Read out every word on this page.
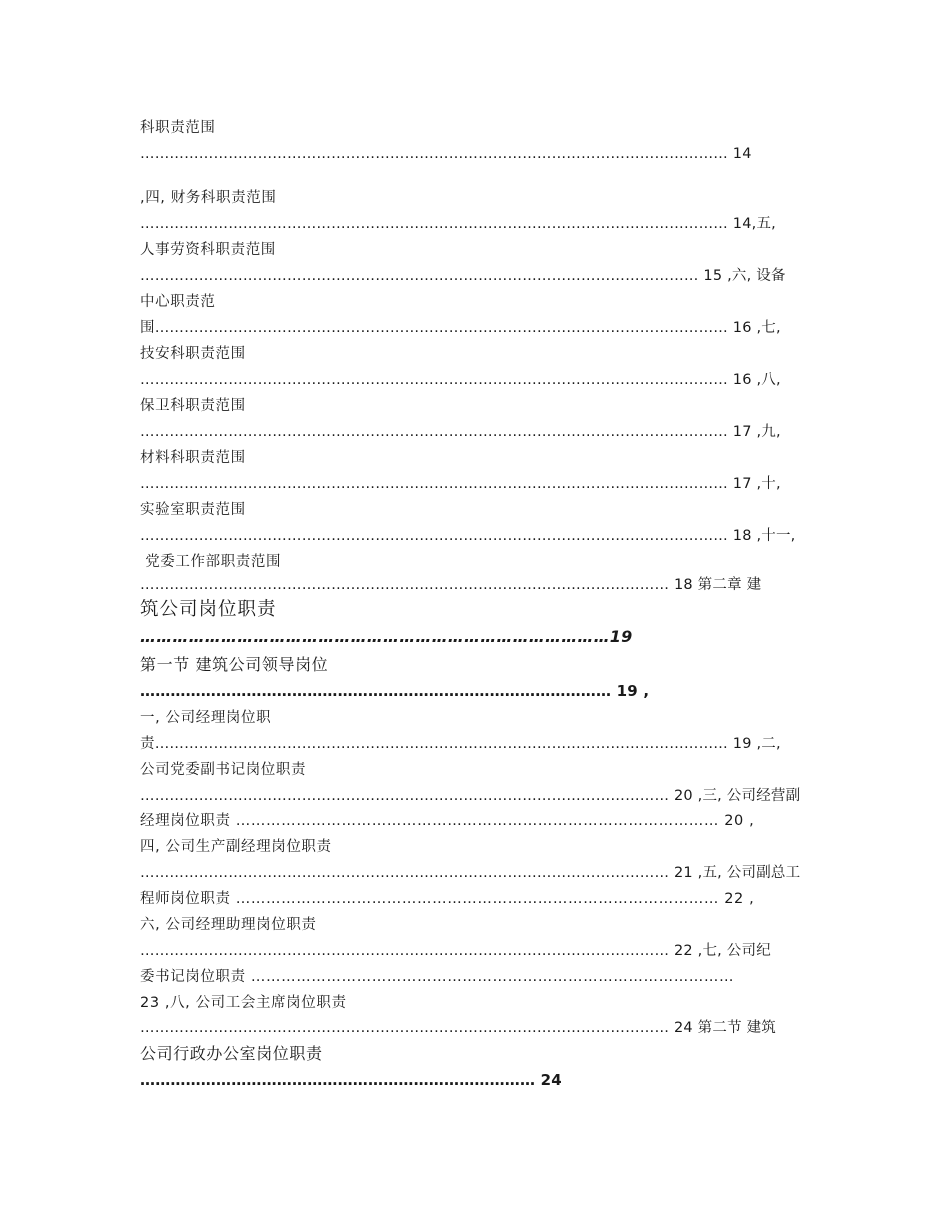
科职责范围
………………………………………………………………………………………………………… 14
,四, 财务科职责范围
………………………………………………………………………………………………………… 14,五,
人事劳资科职责范围
…………………………………………………………………………………………………… 15 ,六, 设备
中心职责范
围……………………………………………………………………………………………………… 16 ,七,
技安科职责范围
………………………………………………………………………………………………………… 16 ,八,
保卫科职责范围
………………………………………………………………………………………………………… 17 ,九,
材料科职责范围
………………………………………………………………………………………………………… 17 ,十,
实验室职责范围
………………………………………………………………………………………………………… 18 ,十一,
党委工作部职责范围
……………………………………………………………………………………………… 18 第二章 建
筑公司岗位职责
……………………………………………………………………………19
第一节 建筑公司领导岗位
………………………………………………………………………………… 19 ,
一, 公司经理岗位职
责……………………………………………………………………………………………………… 19 ,二,
公司党委副书记岗位职责
……………………………………………………………………………………………… 20 ,三, 公司经营副
经理岗位职责 …………………………………………………………………………………… 20 ,
四, 公司生产副经理岗位职责
……………………………………………………………………………………………… 21 ,五, 公司副总工
程师岗位职责 …………………………………………………………………………………… 22 ,
六, 公司经理助理岗位职责
……………………………………………………………………………………………… 22 ,七, 公司纪
委书记岗位职责 ……………………………………………………………………………………
23 ,八, 公司工会主席岗位职责
……………………………………………………………………………………………… 24 第二节 建筑
公司行政办公室岗位职责
…………………………………………………………………… 24
